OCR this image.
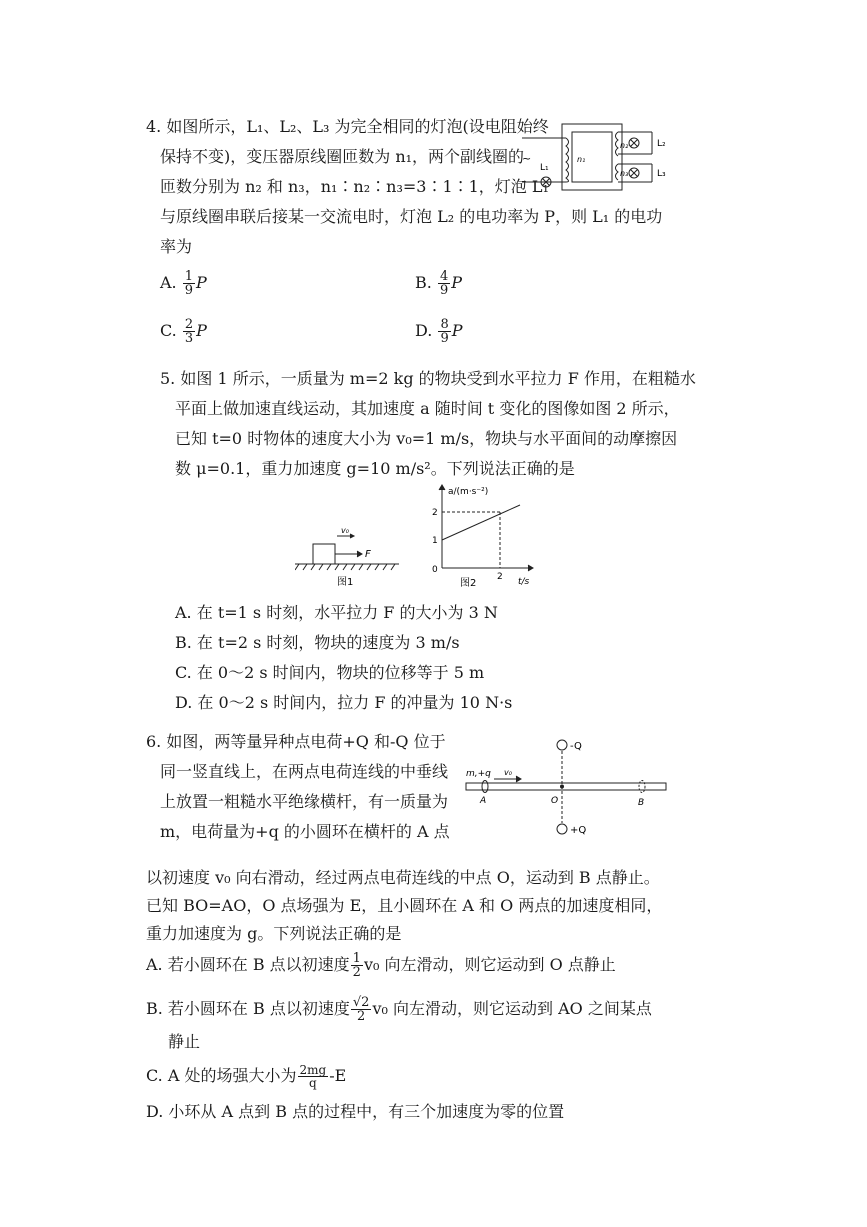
4. 如图所示，L₁、L₂、L₃ 为完全相同的灯泡(设电阻始终
保持不变)，变压器原线圈匝数为 n₁，两个副线圈的
匝数分别为 n₂ 和 n₃，n₁∶n₂∶n₃=3∶1∶1，灯泡 L₁
与原线圈串联后接某一交流电时，灯泡 L₂ 的电功率为 P，则 L₁ 的电功
率为
A. $\frac{1}{9}$ P	B. $\frac{4}{9}$ P
C. $\frac{2}{3}$ P	D. $\frac{8}{9}$ P
~	n₁
n₂
n₃
L₂
L₃
L₁
5. 如图 1 所示，一质量为 m=2 kg 的物块受到水平拉力 F 作用，在粗糙水
平面上做加速直线运动，其加速度 a 随时间 t 变化的图像如图 2 所示，
已知 t=0 时物体的速度大小为 v₀=1 m/s，物块与水平面间的动摩擦因
数 μ=0.1，重力加速度 g=10 m/s²。下列说法正确的是
v₀
F
图1
a/(m·s⁻²)
2
1
0
2 t/s
图2
A. 在 t=1 s 时刻，水平拉力 F 的大小为 3 N
B. 在 t=2 s 时刻，物块的速度为 3 m/s
C. 在 0～2 s 时间内，物块的位移等于 5 m
D. 在 0～2 s 时间内，拉力 F 的冲量为 10 N·s
6. 如图，两等量异种点电荷+Q 和-Q 位于
同一竖直线上，在两点电荷连线的中垂线
上放置一粗糙水平绝缘横杆，有一质量为
m，电荷量为+q 的小圆环在横杆的 A 点
-Q
+Q
m,+q v₀
A	O	B
以初速度 v₀ 向右滑动，经过两点电荷连线的中点 O，运动到 B 点静止。
已知 BO=AO，O 点场强为 E，且小圆环在 A 和 O 两点的加速度相同，
重力加速度为 g。下列说法正确的是
A. 若小圆环在 B 点以初速度 $\frac{1}{2} v_0$ 向左滑动，则它运动到 O 点静止
B. 若小圆环在 B 点以初速度 $\frac{√2}{2} v_0$ 向左滑动，则它运动到 AO 之间某点
静止
C. A 处的场强大小为 $\frac{2mg}{q} -E$
D. 小环从 A 点到 B 点的过程中，有三个加速度为零的位置
